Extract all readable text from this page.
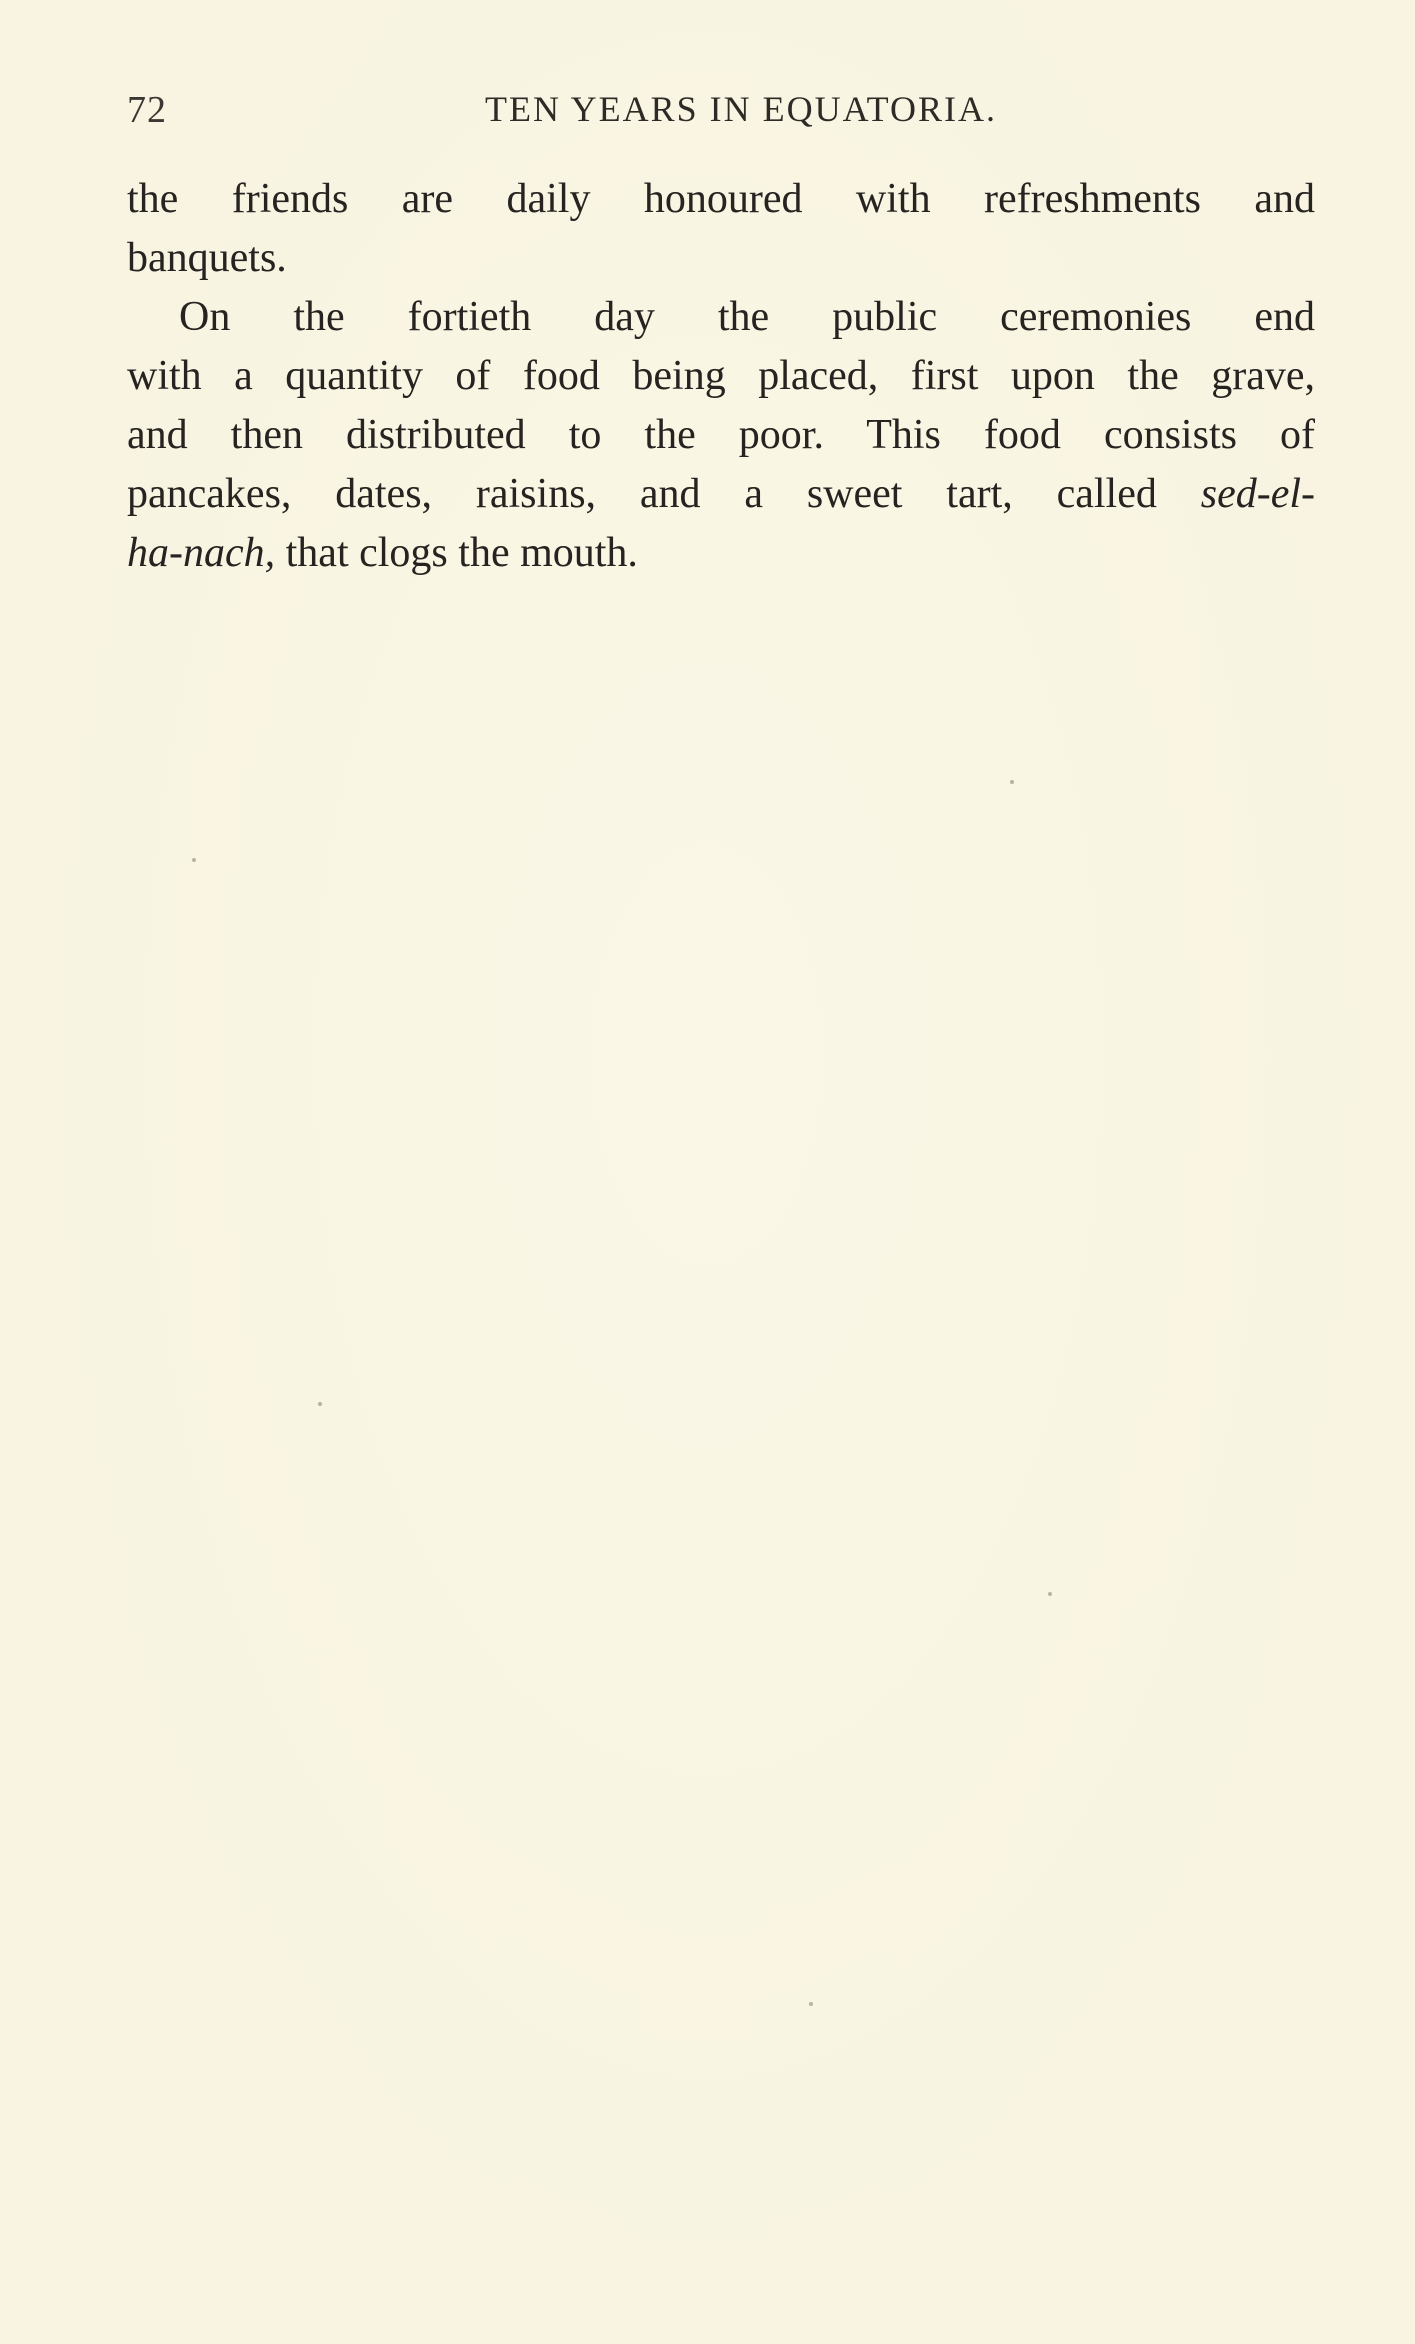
72	TEN YEARS IN EQUATORIA.
the friends are daily honoured with refreshments and
banquets.
On the fortieth day the public ceremonies end
with a quantity of food being placed, first upon the grave,
and then distributed to the poor. This food consists of
pancakes, dates, raisins, and a sweet tart, called sed-el-
ha-nach, that clogs the mouth.
